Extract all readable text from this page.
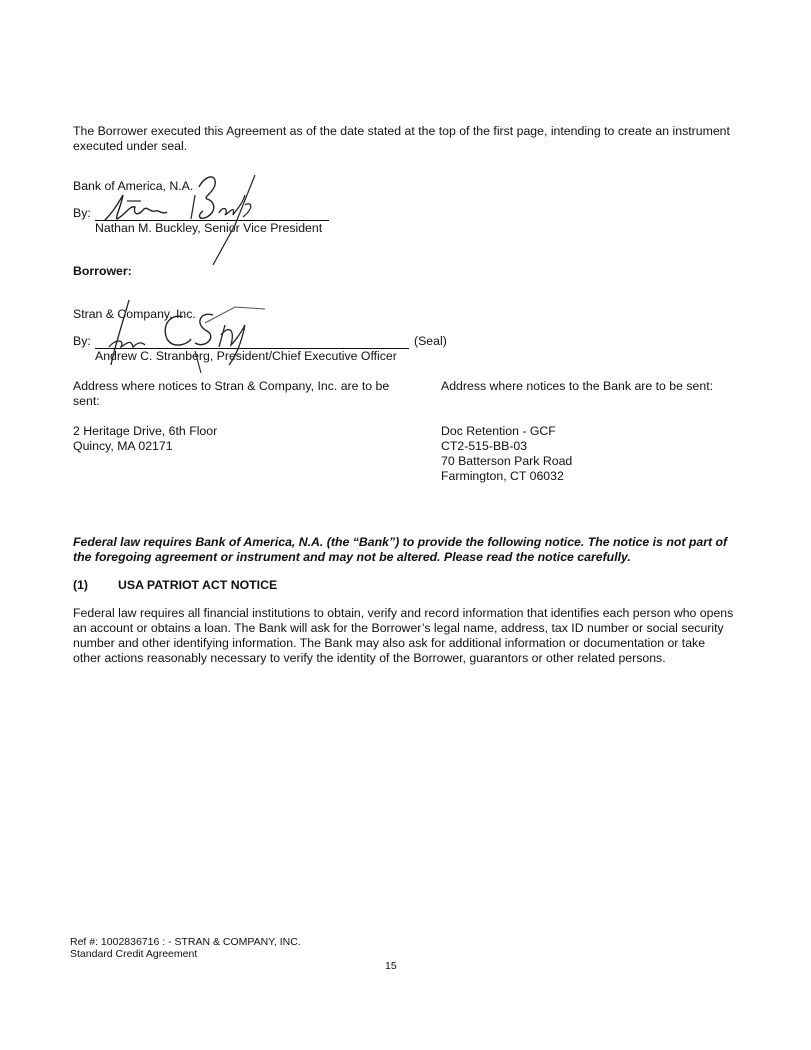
The Borrower executed this Agreement as of the date stated at the top of the first page, intending to create an instrument
executed under seal.
Bank of America, N.A.
By:
Nathan M. Buckley, Senior Vice President
Borrower:
Stran & Company, Inc.
By:	(Seal)
Andrew C. Stranberg, President/Chief Executive Officer
Address where notices to Stran & Company, Inc. are to be
sent:
2 Heritage Drive, 6th Floor
Quincy, MA 02171
Address where notices to the Bank are to be sent:
Doc Retention - GCF
CT2-515-BB-03
70 Batterson Park Road
Farmington, CT 06032
Federal law requires Bank of America, N.A. (the “Bank”) to provide the following notice. The notice is not part of
the foregoing agreement or instrument and may not be altered. Please read the notice carefully.
(1) USA PATRIOT ACT NOTICE
Federal law requires all financial institutions to obtain, verify and record information that identifies each person who opens
an account or obtains a loan. The Bank will ask for the Borrower’s legal name, address, tax ID number or social security
number and other identifying information. The Bank may also ask for additional information or documentation or take
other actions reasonably necessary to verify the identity of the Borrower, guarantors or other related persons.
Ref #: 1002836716 : - STRAN & COMPANY, INC.
Standard Credit Agreement
15
